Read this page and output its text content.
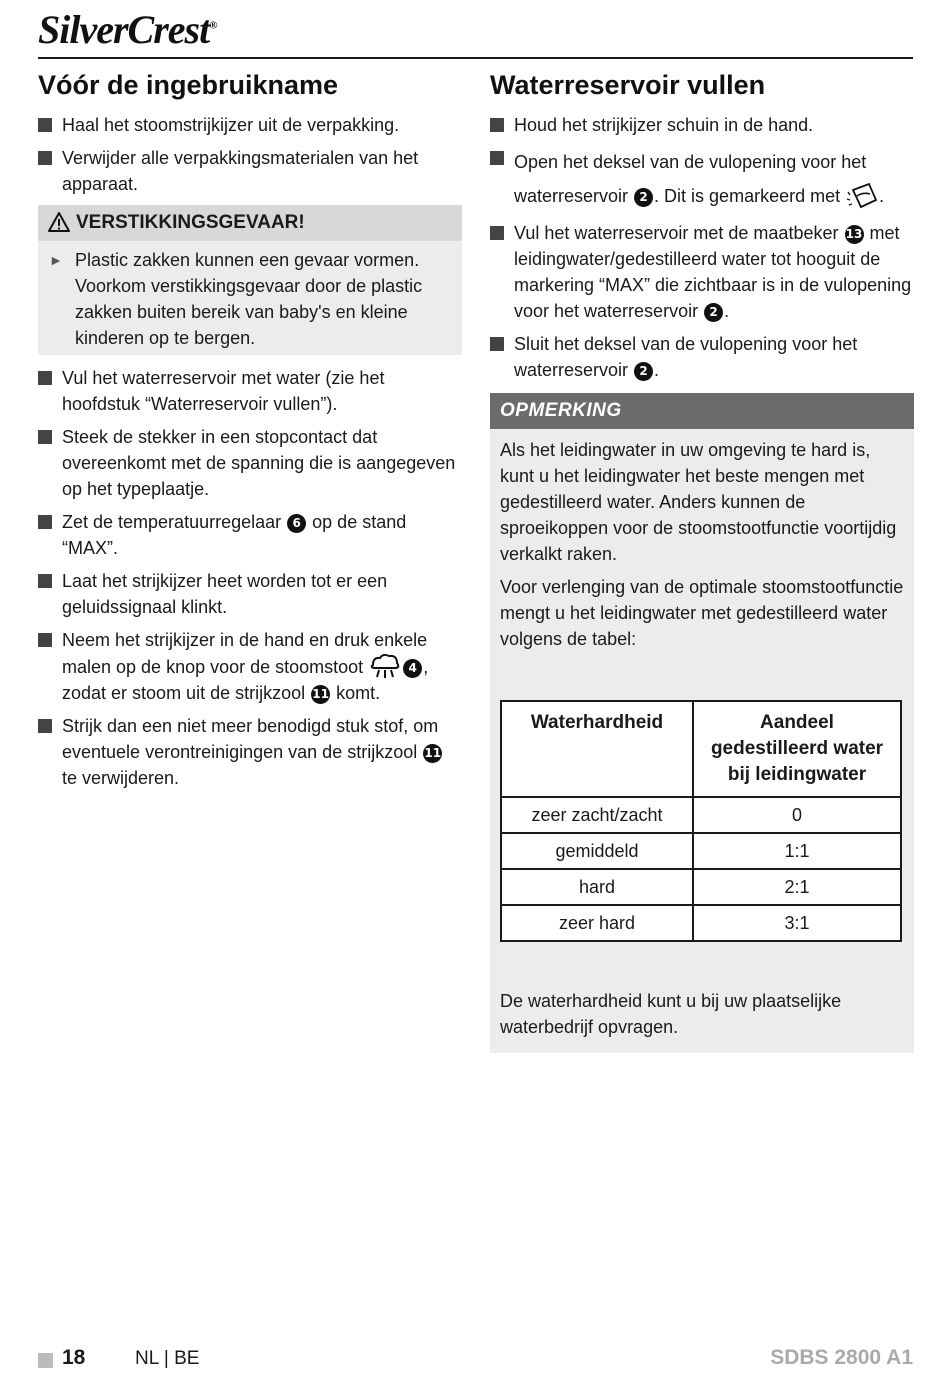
SilverCrest®
Vóór de ingebruikname
Haal het stoomstrijkijzer uit de verpakking.
Verwijder alle verpakkingsmaterialen van het apparaat.
VERSTIKKINGSGEVAAR!
► Plastic zakken kunnen een gevaar vormen. Voorkom verstikkingsgevaar door de plastic zakken buiten bereik van baby's en kleine kinderen op te bergen.
Vul het waterreservoir met water (zie het hoofdstuk “Waterreservoir vullen”).
Steek de stekker in een stopcontact dat overeenkomt met de spanning die is aangegeven op het typeplaatje.
Zet de temperatuurregelaar 6 op de stand “MAX”.
Laat het strijkijzer heet worden tot er een geluidssignaal klinkt.
Neem het strijkijzer in de hand en druk enkele malen op de knop voor de stoomstoot	4 , zodat er stoom uit de strijkzool 11 komt.
Strijk dan een niet meer benodigd stuk stof, om eventuele verontreinigingen van de strijkzool 11 te verwijderen.
Waterreservoir vullen
Houd het strijkijzer schuin in de hand.
Open het deksel van de vulopening voor het waterreservoir 2 . Dit is gemarkeerd met .
Vul het waterreservoir met de maatbeker 13 met leidingwater/gedestilleerd water tot hooguit de markering “MAX” die zichtbaar is in de vulopening voor het waterreservoir 2 .
Sluit het deksel van de vulopening voor het waterreservoir 2 .
OPMERKING

Als het leidingwater in uw omgeving te hard is, kunt u het leidingwater het beste mengen met gedestilleerd water. Anders kunnen de sproeikoppen voor de stoomstootfunctie voortijdig verkalkt raken.

Voor verlenging van de optimale stoomstootfunctie mengt u het leidingwater met gedestilleerd water volgens de tabel:

Waterhardheid	Aandeel gedestilleerd water bij leidingwater
zeer zacht/zacht	0
gemiddeld	1:1
hard	2:1
zeer hard	3:1

De waterhardheid kunt u bij uw plaatselijke waterbedrijf opvragen.

18	NL | BE	SDBS 2800 A1
